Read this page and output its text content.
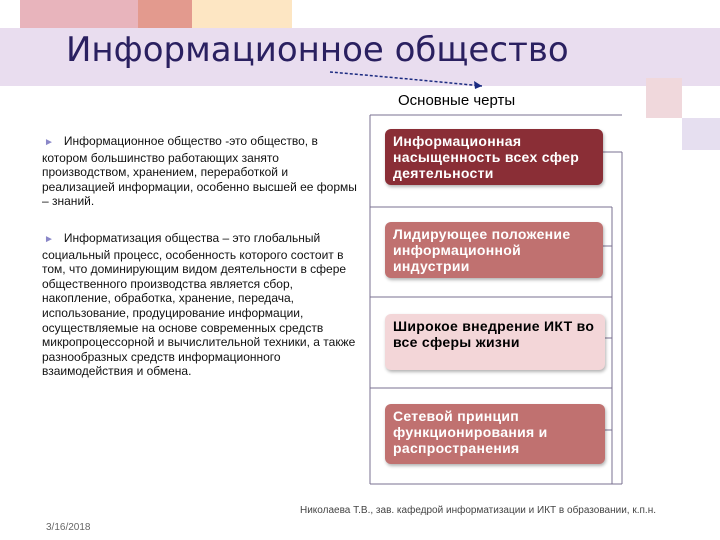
Информационное общество
Основные черты

► Информационное общество -это общество, в котором большинство работающих занято производством, хранением, переработкой и реализацией информации, особенно высшей ее формы – знаний.

► Информатизация общества – это глобальный социальный процесс, особенность которого состоит в том, что доминирующим видом деятельности в сфере общественного производства является сбор, накопление, обработка, хранение, передача, использование, продуцирование информации, осуществляемые на основе современных средств микропроцессорной и вычислительной техники, а также разнообразных средств информационного взаимодействия и обмена.

Информационная насыщенность всех сфер деятельности
Лидирующее положение информационной индустрии
Широкое внедрение ИКТ во все сферы жизни
Сетевой принцип функционирования и распространения
Николаева Т.В., зав. кафедрой информатизации и ИКТ в образовании, к.п.н.
3/16/2018
